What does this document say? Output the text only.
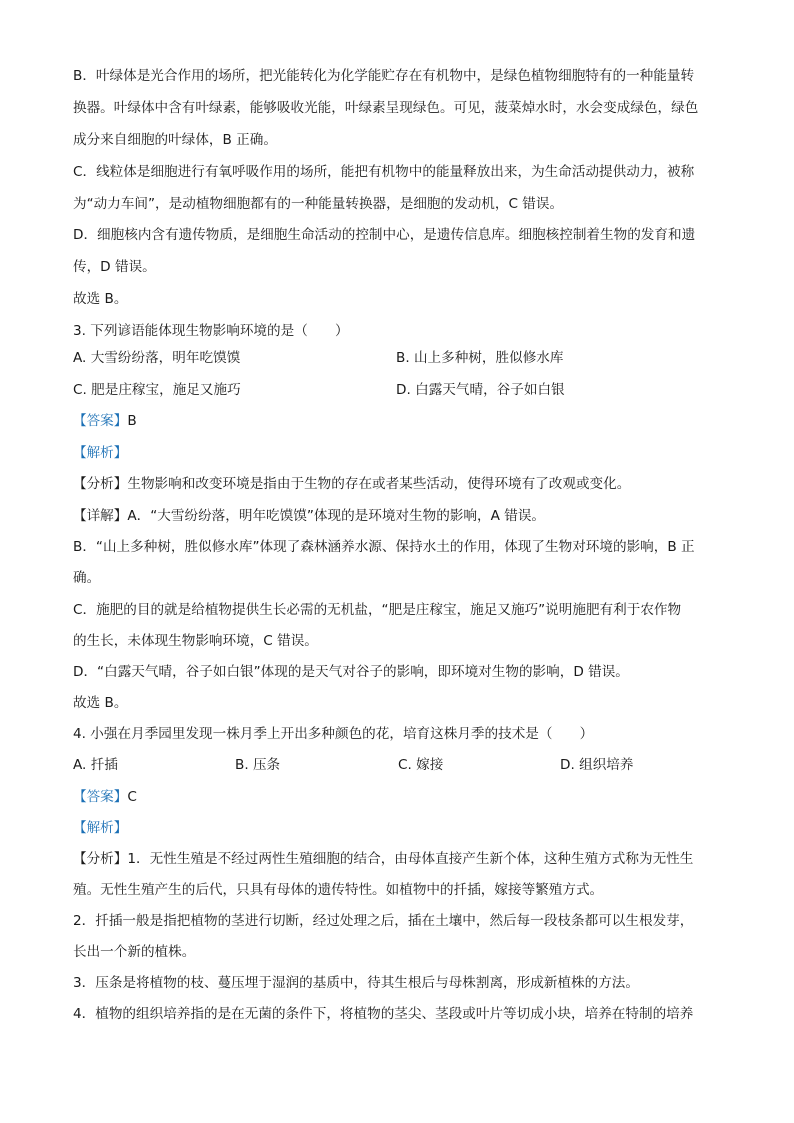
B．叶绿体是光合作用的场所，把光能转化为化学能贮存在有机物中，是绿色植物细胞特有的一种能量转
换器。叶绿体中含有叶绿素，能够吸收光能，叶绿素呈现绿色。可见，菠菜焯水时，水会变成绿色，绿色
成分来自细胞的叶绿体，B 正确。
C．线粒体是细胞进行有氧呼吸作用的场所，能把有机物中的能量释放出来，为生命活动提供动力，被称
为“动力车间”，是动植物细胞都有的一种能量转换器，是细胞的发动机，C 错误。
D．细胞核内含有遗传物质，是细胞生命活动的控制中心，是遗传信息库。细胞核控制着生物的发育和遗
传，D 错误。
故选 B。
3. 下列谚语能体现生物影响环境的是（　　）
A. 大雪纷纷落，明年吃馍馍	B. 山上多种树，胜似修水库
C. 肥是庄稼宝，施足又施巧	D. 白露天气晴，谷子如白银
【答案】B
【解析】
【分析】生物影响和改变环境是指由于生物的存在或者某些活动，使得环境有了改观或变化。
【详解】A．“大雪纷纷落，明年吃馍馍”体现的是环境对生物的影响，A 错误。
B．“山上多种树，胜似修水库”体现了森林涵养水源、保持水土的作用，体现了生物对环境的影响，B 正
确。
C．施肥的目的就是给植物提供生长必需的无机盐，“肥是庄稼宝，施足又施巧”说明施肥有利于农作物
的生长，未体现生物影响环境，C 错误。
D．“白露天气晴，谷子如白银”体现的是天气对谷子的影响，即环境对生物的影响，D 错误。
故选 B。
4. 小强在月季园里发现一株月季上开出多种颜色的花，培育这株月季的技术是（　　）
A. 扦插	B. 压条	C. 嫁接	D. 组织培养
【答案】C
【解析】
【分析】1．无性生殖是不经过两性生殖细胞的结合，由母体直接产生新个体，这种生殖方式称为无性生
殖。无性生殖产生的后代，只具有母体的遗传特性。如植物中的扦插，嫁接等繁殖方式。
2．扦插一般是指把植物的茎进行切断，经过处理之后，插在土壤中，然后每一段枝条都可以生根发芽，
长出一个新的植株。
3．压条是将植物的枝、蔓压埋于湿润的基质中，待其生根后与母株割离，形成新植株的方法。
4．植物的组织培养指的是在无菌的条件下，将植物的茎尖、茎段或叶片等切成小块，培养在特制的培养
